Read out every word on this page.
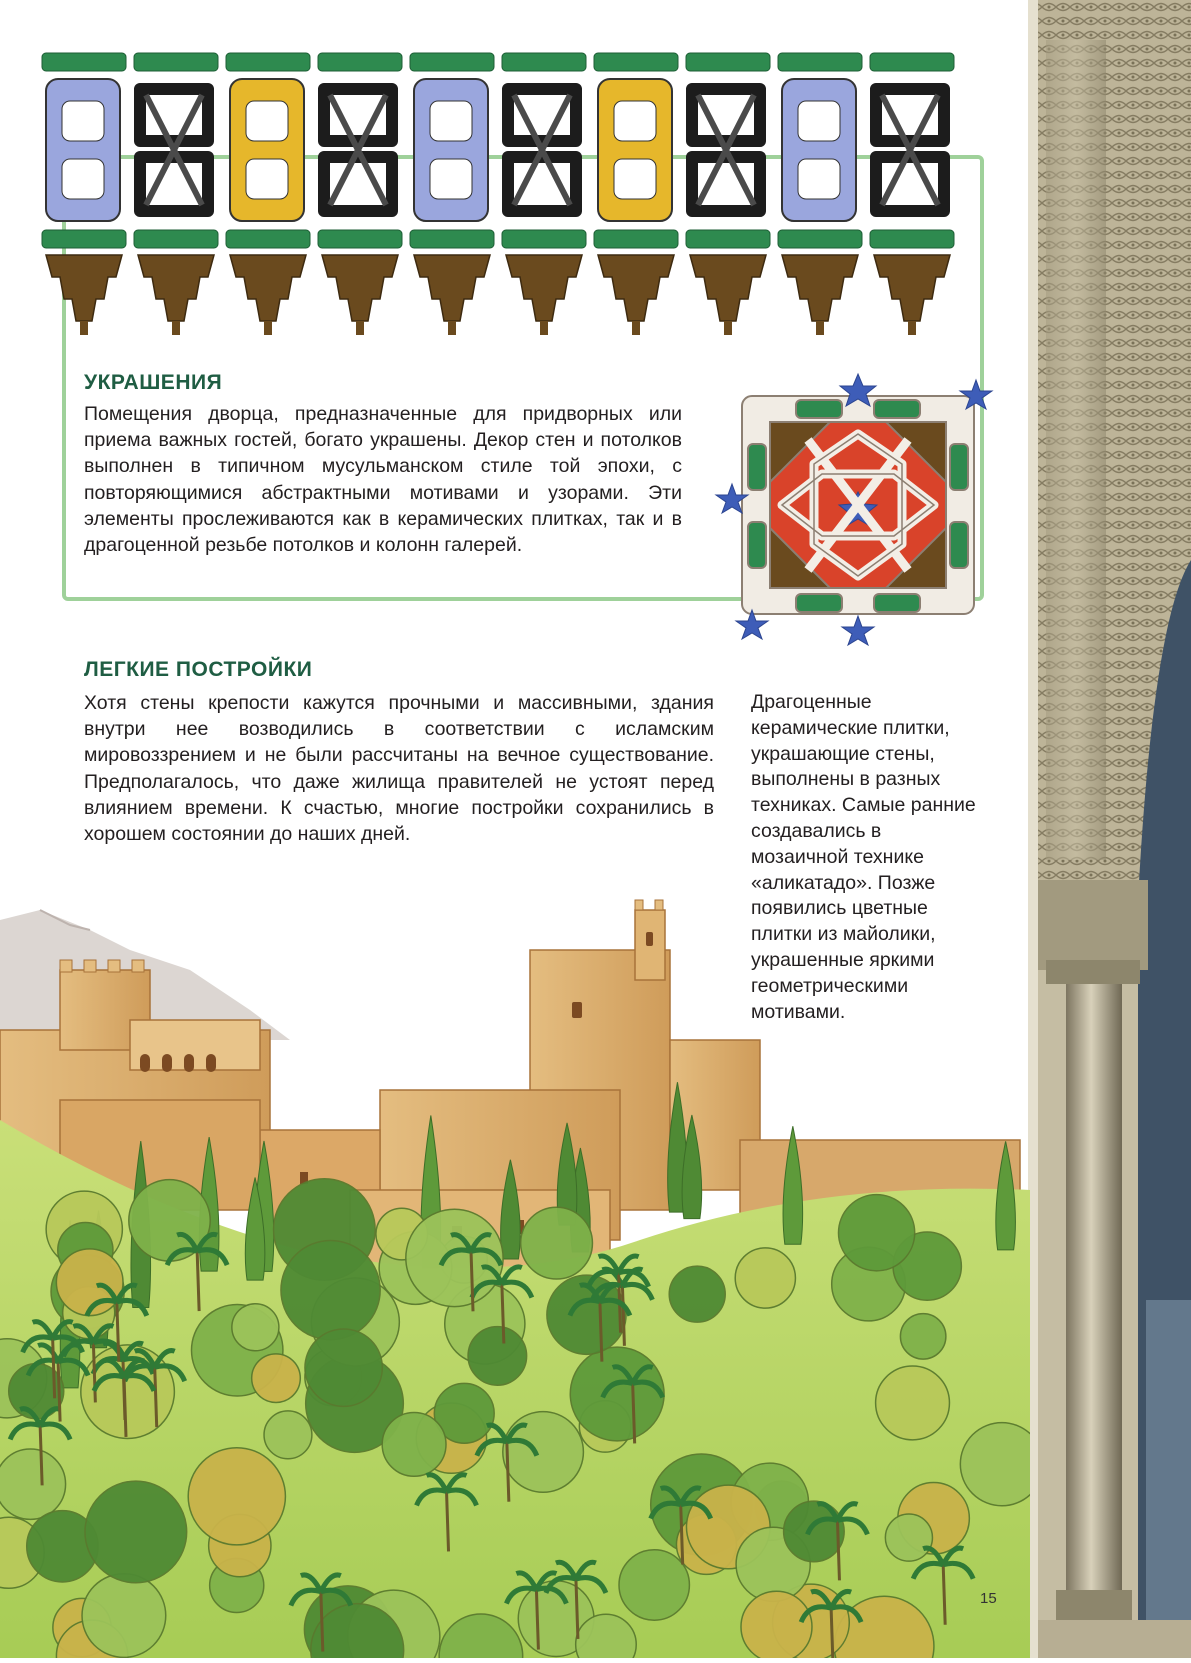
УКРАШЕНИЯ

Помещения дворца, предназначенные для придворных или приема важных гостей, богато украшены. Декор стен и потолков выполнен в типичном мусульманском стиле той эпохи, с повторяющимися абстрактными мотивами и узорами. Эти элементы прослеживаются как в керамических плитках, так и в драгоценной резьбе потолков и колонн галерей.

ЛЕГКИЕ ПОСТРОЙКИ

Хотя стены крепости кажутся прочными и массивными, здания внутри нее возводились в соответствии с исламским мировоззрением и не были рассчитаны на вечное существование. Предполагалось, что даже жилища правителей не устоят перед влиянием времени. К счастью, многие постройки сохранились в хорошем состоянии до наших дней.

Драгоценные керамические плитки, украшающие стены, выполнены в разных техниках. Самые ранние создавались в мозаичной технике «аликатадо». Позже появились цветные плитки из майолики, украшенные яркими геометрическими мотивами.

15
